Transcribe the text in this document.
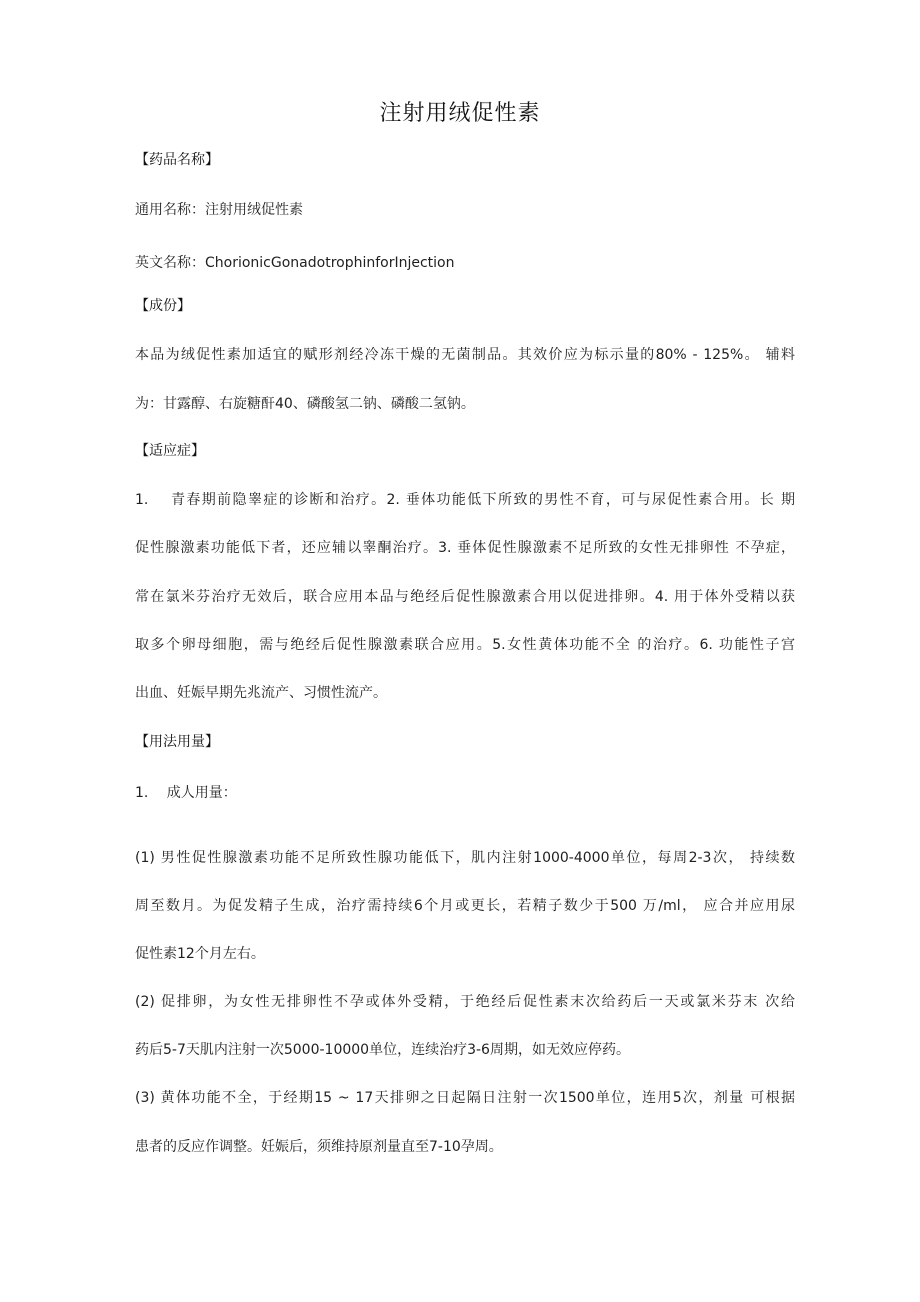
注射用绒促性素
【药品名称】
通用名称：注射用绒促性素
英文名称：ChorionicGonadotrophinforInjection
【成份】
本品为绒促性素加适宜的赋形剂经冷冻干燥的无菌制品。其效价应为标示量的80% - 125%。 辅料
为：甘露醇、右旋糖酐40、磷酸氢二钠、磷酸二氢钠。
【适应症】
1.　 青春期前隐睾症的诊断和治疗。2. 垂体功能低下所致的男性不育，可与尿促性素合用。长 期
促性腺激素功能低下者，还应辅以睾酮治疗。3. 垂体促性腺激素不足所致的女性无排卵性 不孕症，
常在氯米芬治疗无效后，联合应用本品与绝经后促性腺激素合用以促进排卵。4. 用于体外受精以获
取多个卵母细胞，需与绝经后促性腺激素联合应用。5.女性黄体功能不全 的治疗。6. 功能性子宫
出血、妊娠早期先兆流产、习惯性流产。
【用法用量】
1.　 成人用量：
(1) 男性促性腺激素功能不足所致性腺功能低下，肌内注射1000-4000单位，每周2-3次， 持续数
周至数月。为促发精子生成，治疗需持续6个月或更长，若精子数少于500 万/ml， 应合并应用尿
促性素12个月左右。
(2) 促排卵，为女性无排卵性不孕或体外受精，于绝经后促性素末次给药后一天或氯米芬末 次给
药后5-7天肌内注射一次5000-10000单位，连续治疗3-6周期，如无效应停药。
(3) 黄体功能不全，于经期15 ~ 17天排卵之日起隔日注射一次1500单位，连用5次，剂量 可根据
患者的反应作调整。妊娠后，须维持原剂量直至7-10孕周。
